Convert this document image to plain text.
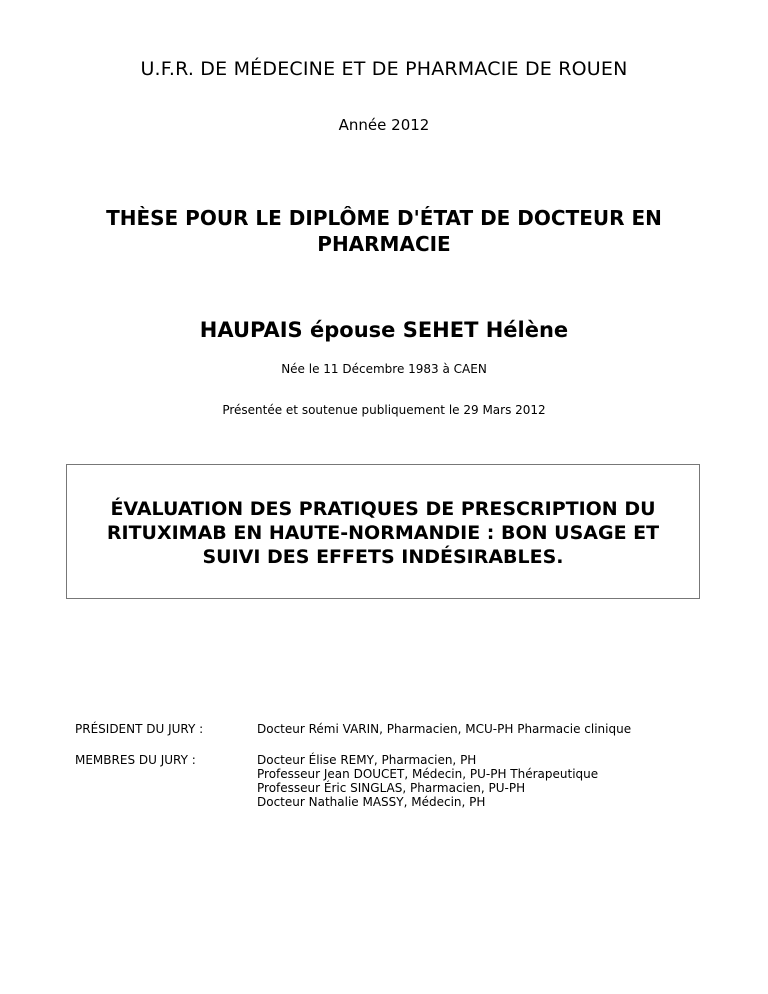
U.F.R. DE MÉDECINE ET DE PHARMACIE DE ROUEN
Année 2012
THÈSE POUR LE DIPLÔME D'ÉTAT DE DOCTEUR EN
PHARMACIE
HAUPAIS épouse SEHET Hélène
Née le 11 Décembre 1983 à CAEN
Présentée et soutenue publiquement le 29 Mars 2012
ÉVALUATION DES PRATIQUES DE PRESCRIPTION DU
RITUXIMAB EN HAUTE-NORMANDIE : BON USAGE ET
SUIVI DES EFFETS INDÉSIRABLES.
PRÉSIDENT DU JURY :	Docteur Rémi VARIN, Pharmacien, MCU-PH Pharmacie clinique
MEMBRES DU JURY :	Docteur Élise REMY, Pharmacien, PH
Professeur Jean DOUCET, Médecin, PU-PH Thérapeutique
Professeur Éric SINGLAS, Pharmacien, PU-PH
Docteur Nathalie MASSY, Médecin, PH
